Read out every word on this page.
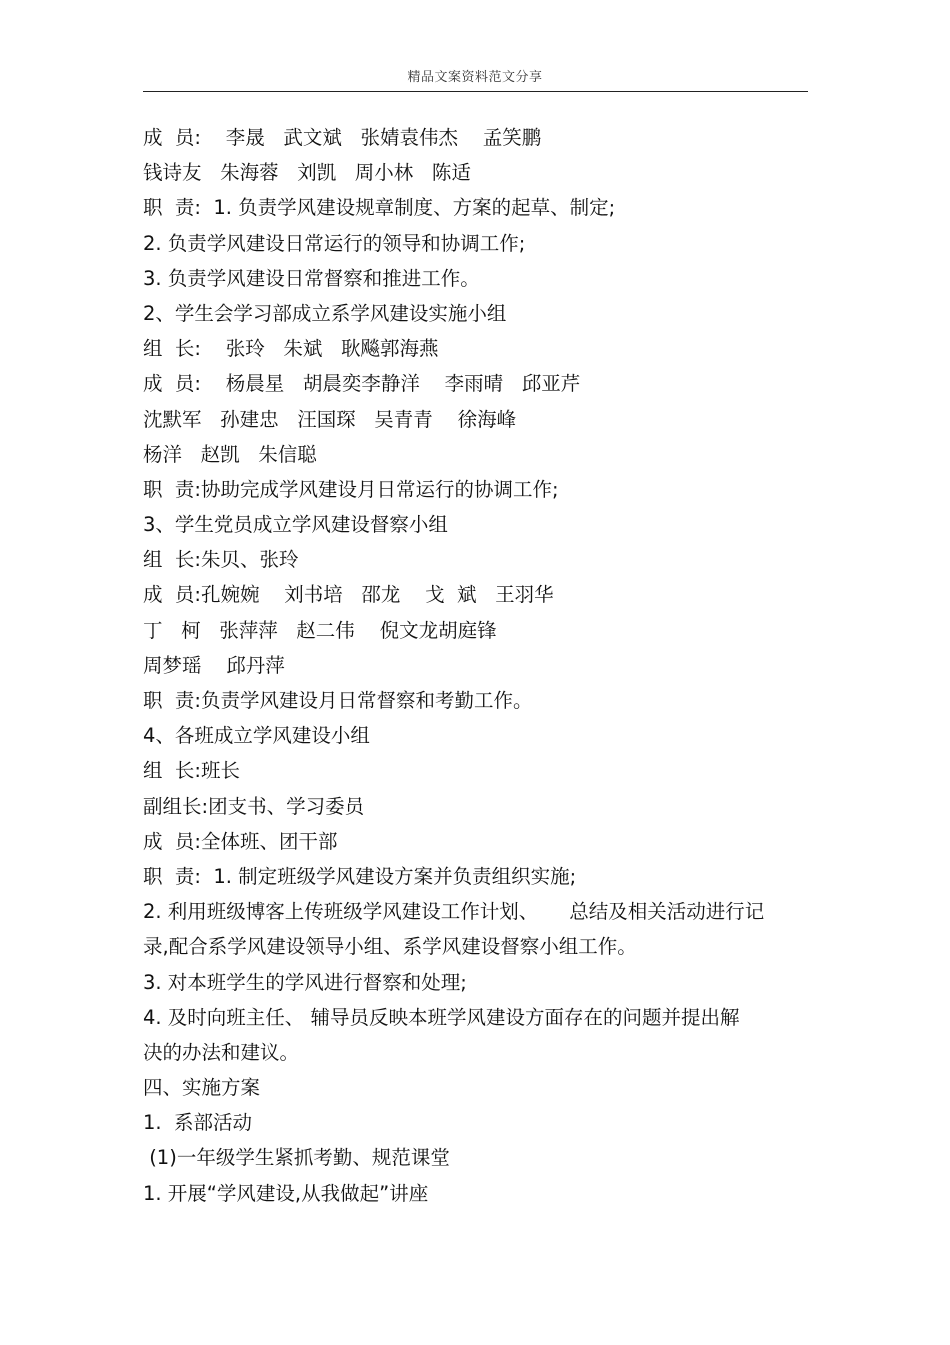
精品文案资料范文分享
成  员:    李晟   武文斌   张婧袁伟杰    孟笑鹏
钱诗友   朱海蓉   刘凯   周小林   陈适
职  责:  1. 负责学风建设规章制度、方案的起草、制定;
2. 负责学风建设日常运行的领导和协调工作;
3. 负责学风建设日常督察和推进工作。
2、学生会学习部成立系学风建设实施小组
组  长:    张玲   朱斌   耿飚郭海燕
成  员:    杨晨星   胡晨奕李静洋    李雨晴   邱亚芹
沈默军   孙建忠   汪国琛   吴青青    徐海峰
杨洋   赵凯   朱信聪
职  责:协助完成学风建设月日常运行的协调工作;
3、学生党员成立学风建设督察小组
组  长:朱贝、张玲
成  员:孔婉婉    刘书培   邵龙    戈  斌   王羽华
丁   柯   张萍萍   赵二伟    倪文龙胡庭锋
周梦瑶    邱丹萍
职  责:负责学风建设月日常督察和考勤工作。
4、各班成立学风建设小组
组  长:班长
副组长:团支书、学习委员
成  员:全体班、团干部
职  责:  1. 制定班级学风建设方案并负责组织实施;
2. 利用班级博客上传班级学风建设工作计划、     总结及相关活动进行记
录,配合系学风建设领导小组、系学风建设督察小组工作。
3. 对本班学生的学风进行督察和处理;
4. 及时向班主任、 辅导员反映本班学风建设方面存在的问题并提出解
决的办法和建议。
四、实施方案
1.  系部活动
(1)一年级学生紧抓考勤、规范课堂
1. 开展“学风建设,从我做起”讲座
